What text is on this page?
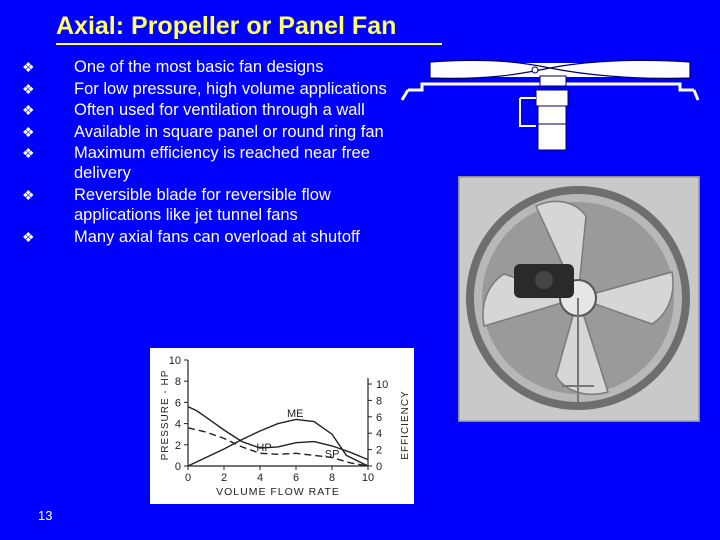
Axial: Propeller or Panel Fan
❖ One of the most basic fan designs
❖ For low pressure, high volume applications
❖ Often used for ventilation through a wall
❖ Available in square panel or round ring fan
❖ Maximum efficiency is reached near free delivery
❖ Reversible blade for reversible flow applications like jet tunnel fans
❖ Many axial fans can overload at shutoff
0
2
4
6
8
10
0
2
4
6
8
10
0	2	4	6	8 10
VOLUME FLOW RATE
PRESSURE - HP	EFFICIENCY
ME
HP
SP
13
